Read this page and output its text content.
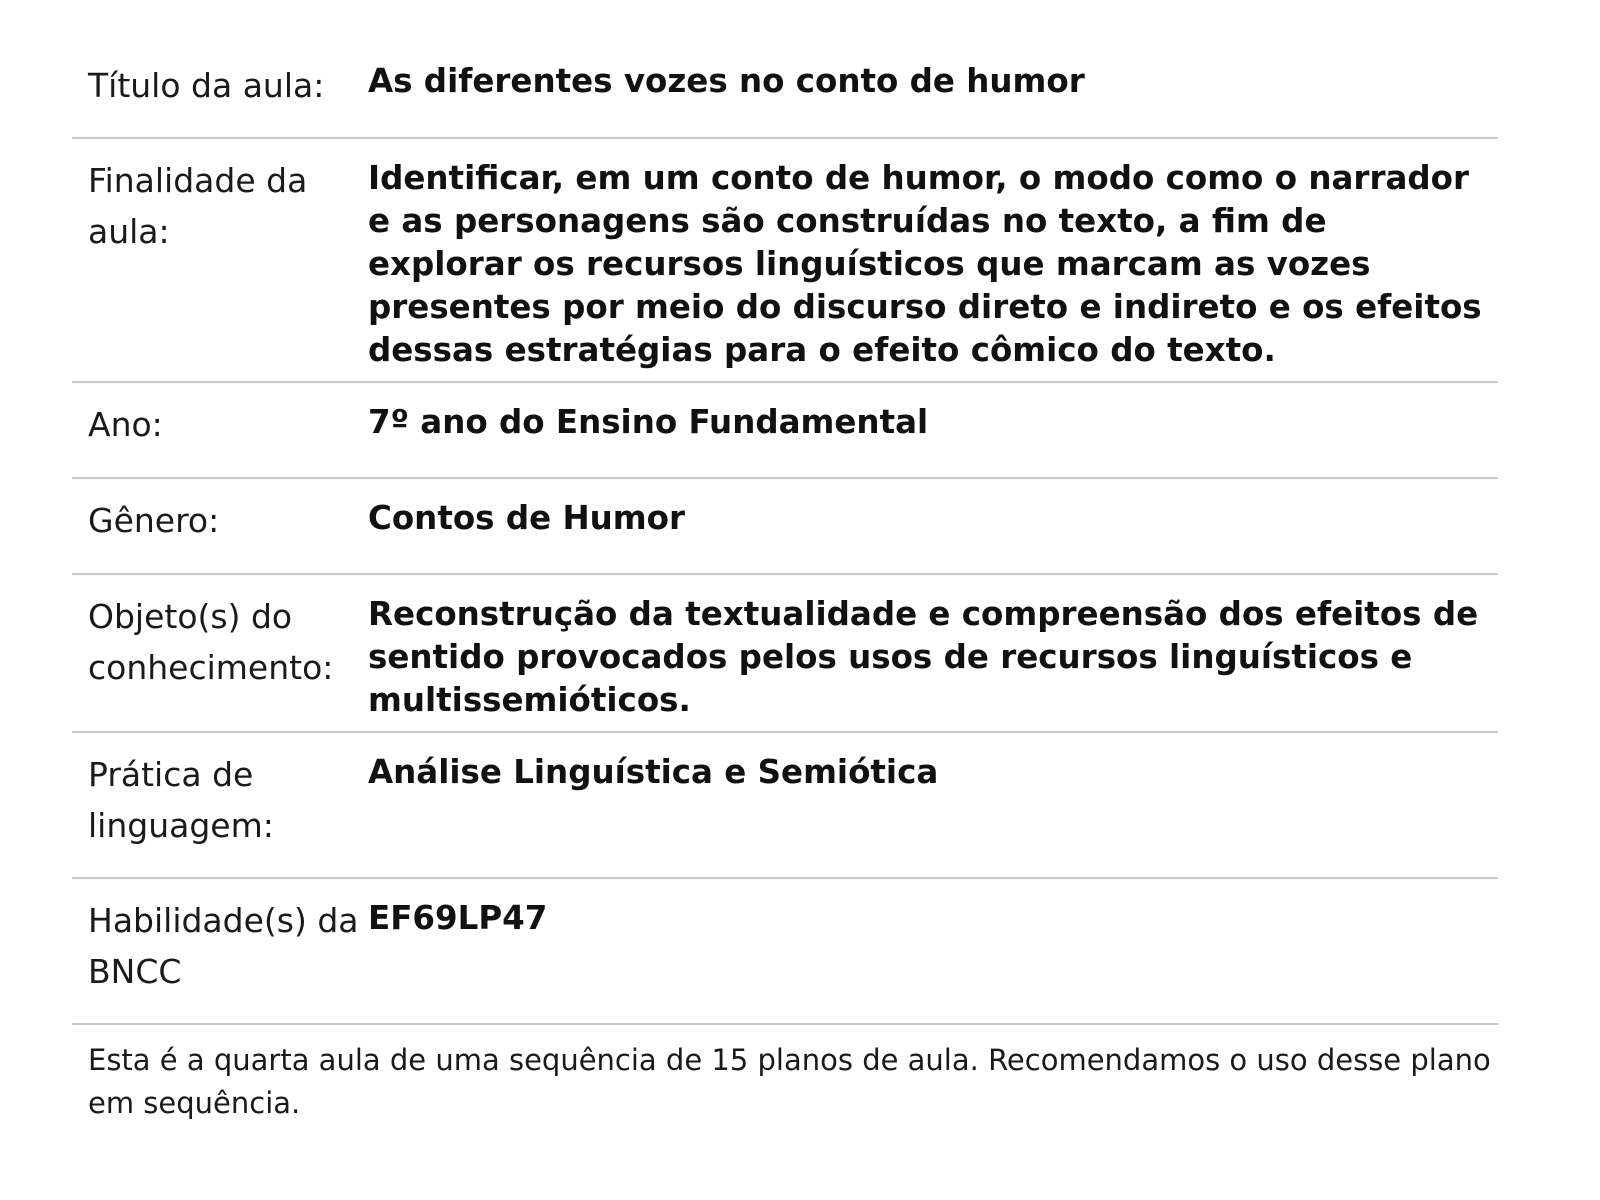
Título da aula:	As diferentes vozes no conto de humor
Finalidade da aula:	Identificar, em um conto de humor, o modo como o narrador e as personagens são construídas no texto, a fim de explorar os recursos linguísticos que marcam as vozes presentes por meio do discurso direto e indireto e os efeitos dessas estratégias para o efeito cômico do texto.
Ano:	7º ano do Ensino Fundamental
Gênero:	Contos de Humor
Objeto(s) do conhecimento:	Reconstrução da textualidade e compreensão dos efeitos de sentido provocados pelos usos de recursos linguísticos e multissemióticos.
Prática de linguagem:	Análise Linguística e Semiótica
Habilidade(s) da BNCC	EF69LP47
Esta é a quarta aula de uma sequência de 15 planos de aula. Recomendamos o uso desse plano em sequência.
